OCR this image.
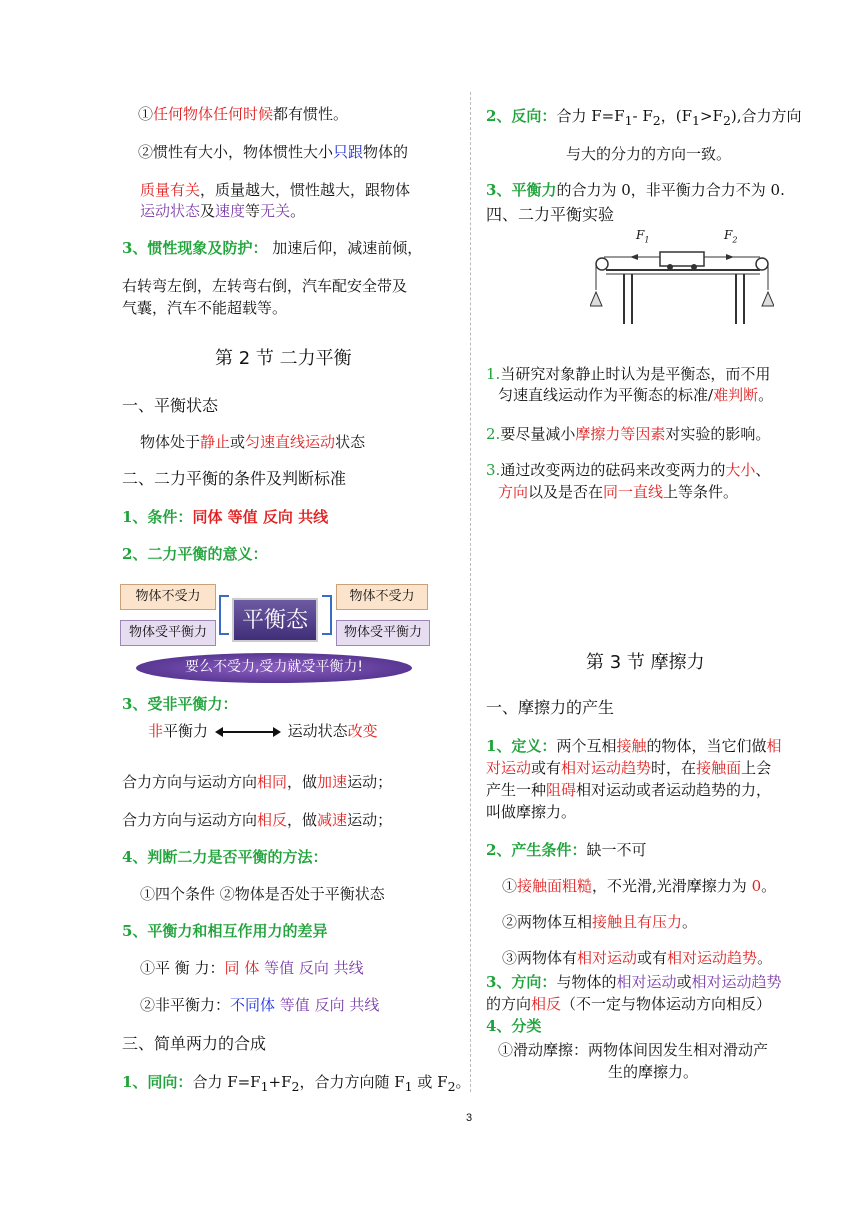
①任何物体任何时候都有惯性。
②惯性有大小，物体惯性大小只跟物体的
质量有关，质量越大，惯性越大，跟物体
运动状态及速度等无关。
3、惯性现象及防护： 加速后仰，减速前倾，
右转弯左倒，左转弯右倒，汽车配安全带及
气囊，汽车不能超载等。
第 2 节 二力平衡
一、平衡状态
物体处于静止或匀速直线运动状态
二、二力平衡的条件及判断标准
1、条件：同体 等值 反向 共线
2、二力平衡的意义：
物体不受力
物体受平衡力	平衡态
物体不受力
物体受平衡力
要么不受力,受力就受平衡力!
3、受非平衡力：
非平衡力	运动状态改变
合力方向与运动方向相同，做加速运动；
合力方向与运动方向相反，做减速运动；
4、判断二力是否平衡的方法：
①四个条件 ②物体是否处于平衡状态
5、平衡力和相互作用力的差异
①平 衡 力：同 体 等值 反向 共线
②非平衡力：不同体 等值 反向 共线
三、简单两力的合成
1、同向：合力 $F=F_1+F_2$，合力方向随 $F_1$ 或 $F_2$。
2、反向：合力 $F=F_1-$ $F_2$，$(F_1>F_2)$,合力方向
与大的分力的方向一致。
3、平衡力的合力为 0，非平衡力合力不为 0.
四、二力平衡实验
$F_1$	$F_2$
1.当研究对象静止时认为是平衡态，而不用
匀速直线运动作为平衡态的标准/难判断。
2.要尽量减小摩擦力等因素对实验的影响。
3.通过改变两边的砝码来改变两力的大小、
方向以及是否在同一直线上等条件。
第 3 节 摩擦力
一、摩擦力的产生
1、定义：两个互相接触的物体，当它们做相
对运动或有相对运动趋势时，在接触面上会
产生一种阻碍相对运动或者运动趋势的力，
叫做摩擦力。
2、产生条件：缺一不可
①接触面粗糙，不光滑,光滑摩擦力为 0。
②两物体互相接触且有压力。
③两物体有相对运动或有相对运动趋势。
3、方向：与物体的相对运动或相对运动趋势
的方向相反（不一定与物体运动方向相反）
4、分类
①滑动摩擦：两物体间因发生相对滑动产
生的摩擦力。
3
